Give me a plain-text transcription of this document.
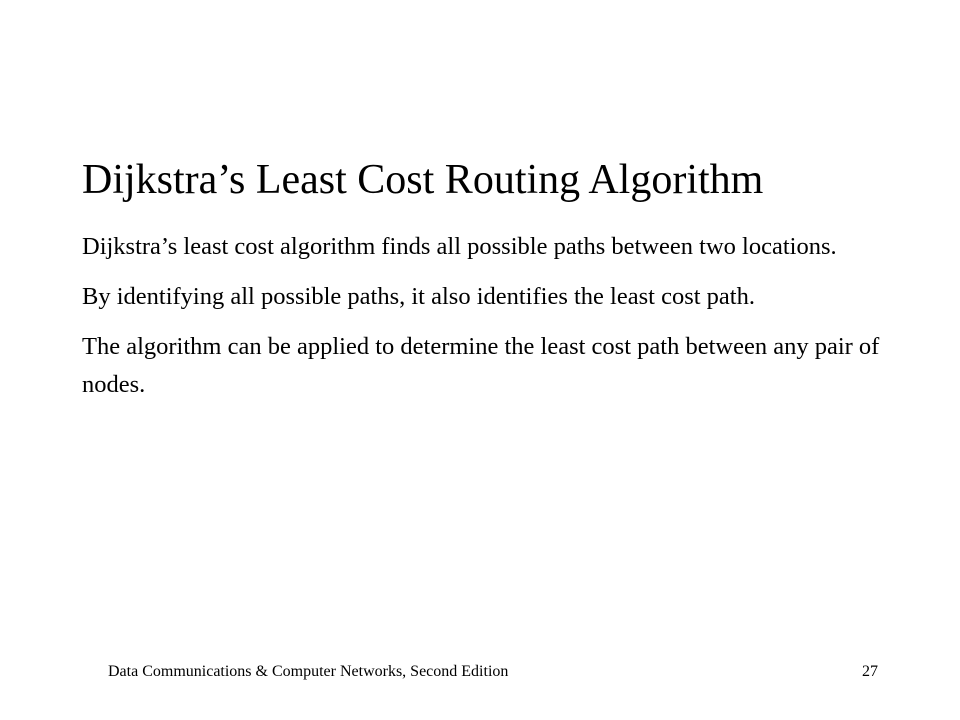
Dijkstra’s Least Cost Routing Algorithm

Dijkstra’s least cost algorithm finds all possible paths between two locations.

By identifying all possible paths, it also identifies the least cost path.

The algorithm can be applied to determine the least cost path between any pair of nodes.

Data Communications & Computer Networks, Second Edition	27
